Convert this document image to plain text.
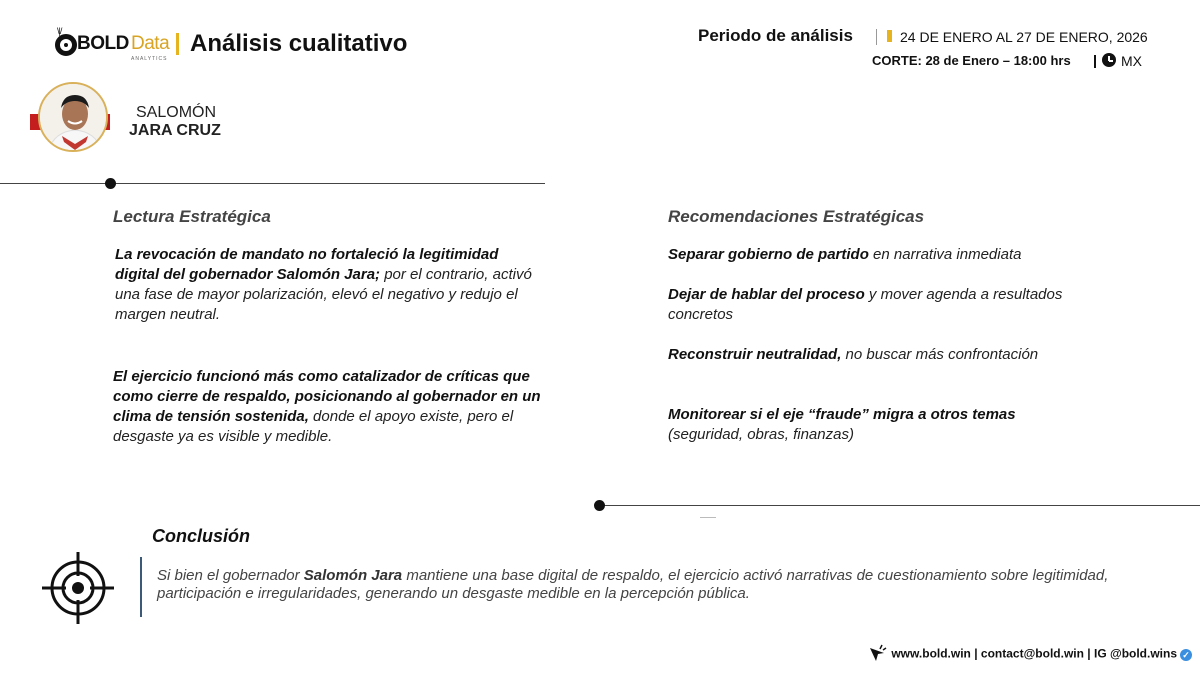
\|/
BOLD Data
ANALYTICS
Análisis cualitativo	Periodo de análisis	24 DE ENERO AL 27 DE ENERO, 2026
CORTE: 28 de Enero – 18:00 hrs	MX
SALOMÓN
JARA CRUZ
Lectura Estratégica
La revocación de mandato no fortaleció la legitimidad digital del gobernador Salomón Jara; por el contrario, activó una fase de mayor polarización, elevó el negativo y redujo el margen neutral.
El ejercicio funcionó más como catalizador de críticas que como cierre de respaldo, posicionando al gobernador en un clima de tensión sostenida, donde el apoyo existe, pero el desgaste ya es visible y medible.
Recomendaciones Estratégicas
Separar gobierno de partido en narrativa inmediata
Dejar de hablar del proceso y mover agenda a resultados concretos
Reconstruir neutralidad, no buscar más confrontación
Monitorear si el eje “fraude” migra a otros temas (seguridad, obras, finanzas)
Conclusión
Si bien el gobernador Salomón Jara mantiene una base digital de respaldo, el ejercicio activó narrativas de cuestionamiento sobre legitimidad, participación e irregularidades, generando un desgaste medible en la percepción pública.
www.bold.win | contact@bold.win | IG @bold.wins ✓
